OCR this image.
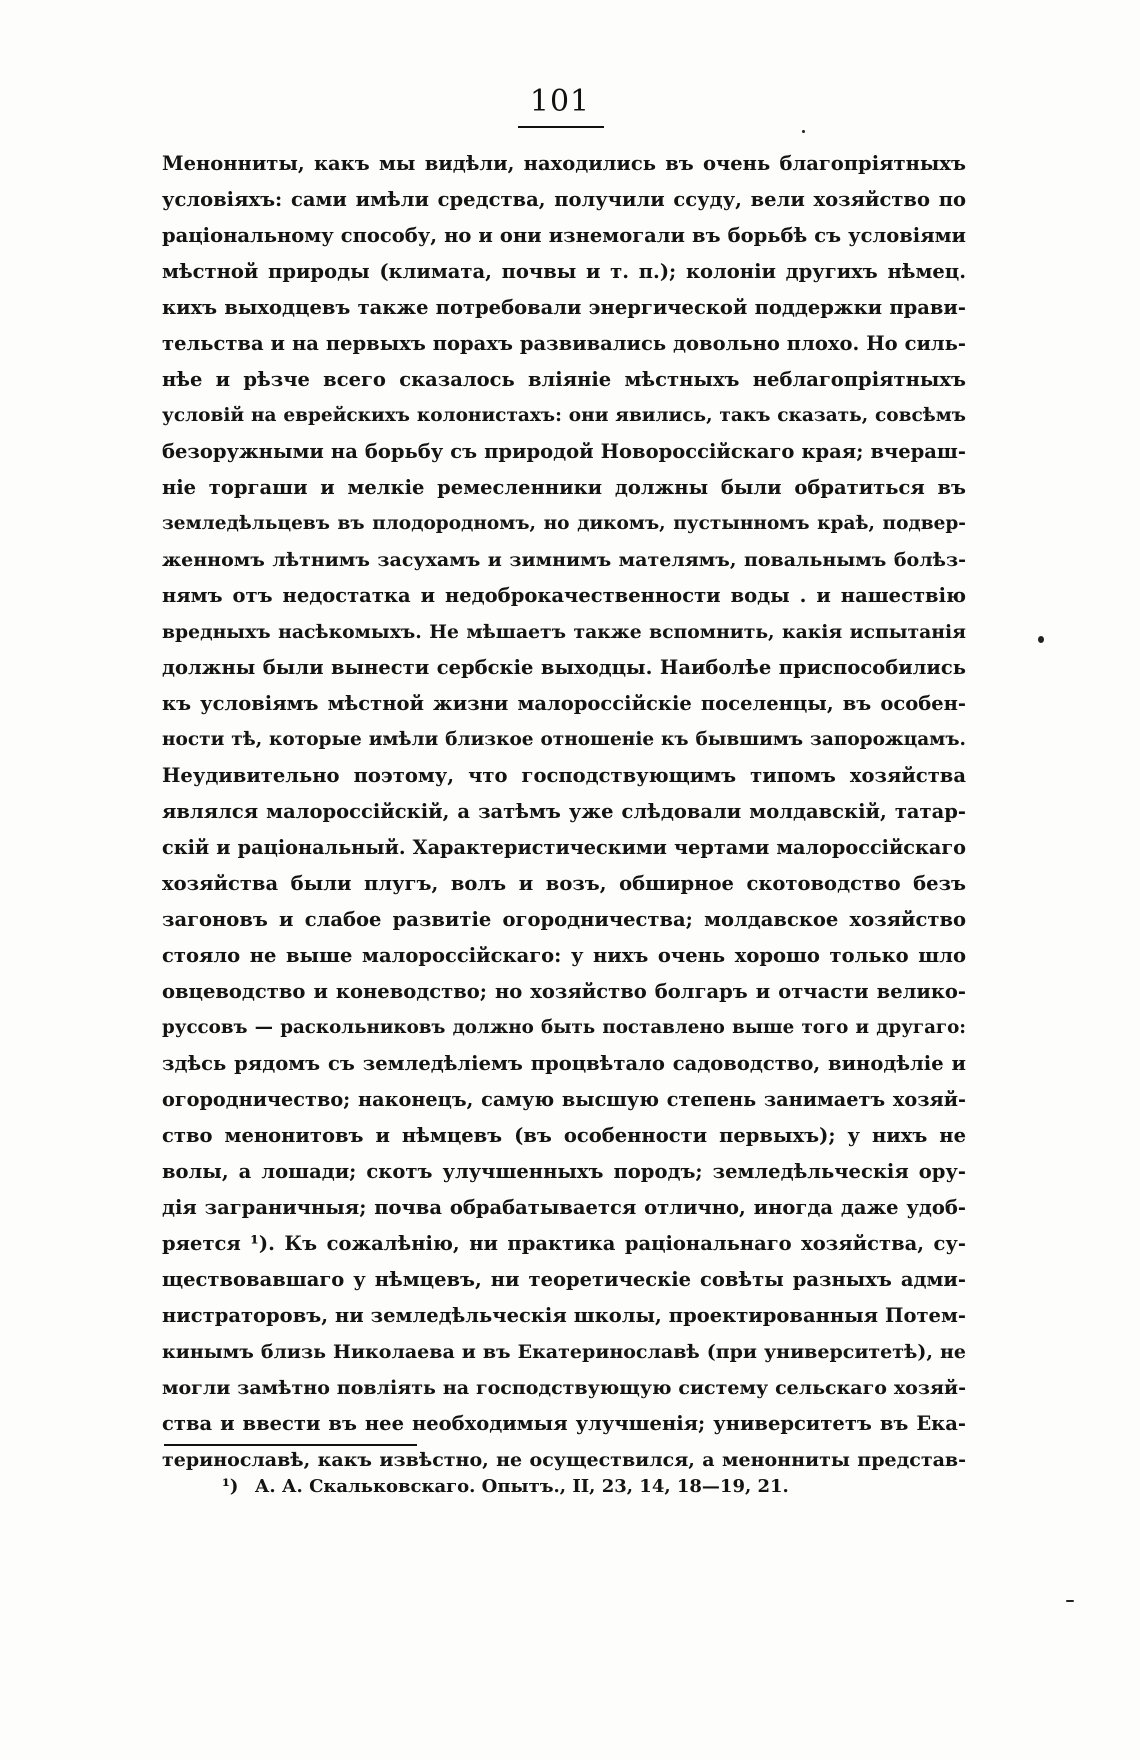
101
Менонниты, какъ мы видѣли, находились въ очень благопріятныхъ
условіяхъ: сами имѣли средства, получили ссуду, вели хозяйство по
раціональному способу, но и они изнемогали въ борьбѣ съ условіями
мѣстной природы (климата, почвы и т. п.); колоніи другихъ нѣмец.
кихъ выходцевъ также потребовали энергической поддержки прави-
тельства и на первыхъ порахъ развивались довольно плохо. Но силь-
нѣе и рѣзче всего сказалось вліяніе мѣстныхъ неблагопріятныхъ
условій на еврейскихъ колонистахъ: они явились, такъ сказать, совсѣмъ
безоружными на борьбу съ природой Новороссійскаго края; вчераш-
ніе торгаши и мелкіе ремесленники должны были обратиться въ
земледѣльцевъ въ плодородномъ, но дикомъ, пустынномъ краѣ, подвер-
женномъ лѣтнимъ засухамъ и зимнимъ мателямъ, повальнымъ болѣз-
нямъ отъ недостатка и недоброкачественности воды . и нашествію
вредныхъ насѣкомыхъ. Не мѣшаетъ также вспомнить, какія испытанія
должны были вынести сербскіе выходцы. Наиболѣе приспособились
къ условіямъ мѣстной жизни малороссійскіе поселенцы, въ особен-
ности тѣ, которые имѣли близкое отношеніе къ бывшимъ запорожцамъ.
Неудивительно поэтому, что господствующимъ типомъ хозяйства
являлся малороссійскій, а затѣмъ уже слѣдовали молдавскій, татар-
скій и раціональный. Характеристическими чертами малороссійскаго
хозяйства были плугъ, волъ и возъ, обширное скотоводство безъ
загоновъ и слабое развитіе огородничества; молдавское хозяйство
стояло не выше малороссійскаго: у нихъ очень хорошо только шло
овцеводство и коневодство; но хозяйство болгаръ и отчасти велико-
руссовъ — раскольниковъ должно быть поставлено выше того и другаго:
здѣсь рядомъ съ земледѣліемъ процвѣтало садоводство, винодѣліе и
огородничество; наконецъ, самую высшую степень занимаетъ хозяй-
ство менонитовъ и нѣмцевъ (въ особенности первыхъ); у нихъ не
волы, а лошади; скотъ улучшенныхъ породъ; земледѣльческія ору-
дія заграничныя; почва обрабатывается отлично, иногда даже удоб-
ряется ¹). Къ сожалѣнію, ни практика раціональнаго хозяйства, су-
ществовавшаго у нѣмцевъ, ни теоретическіе совѣты разныхъ адми-
нистраторовъ, ни земледѣльческія школы, проектированныя Потем-
кинымъ близь Николаева и въ Екатеринославѣ (при университетѣ), не
могли замѣтно повліять на господствующую систему сельскаго хозяй-
ства и ввести въ нее необходимыя улучшенія; университетъ въ Ека-
теринославѣ, какъ извѣстно, не осуществился, а менонниты представ-
¹) А. А. Скальковскаго. Опытъ., II, 23, 14, 18—19, 21.
